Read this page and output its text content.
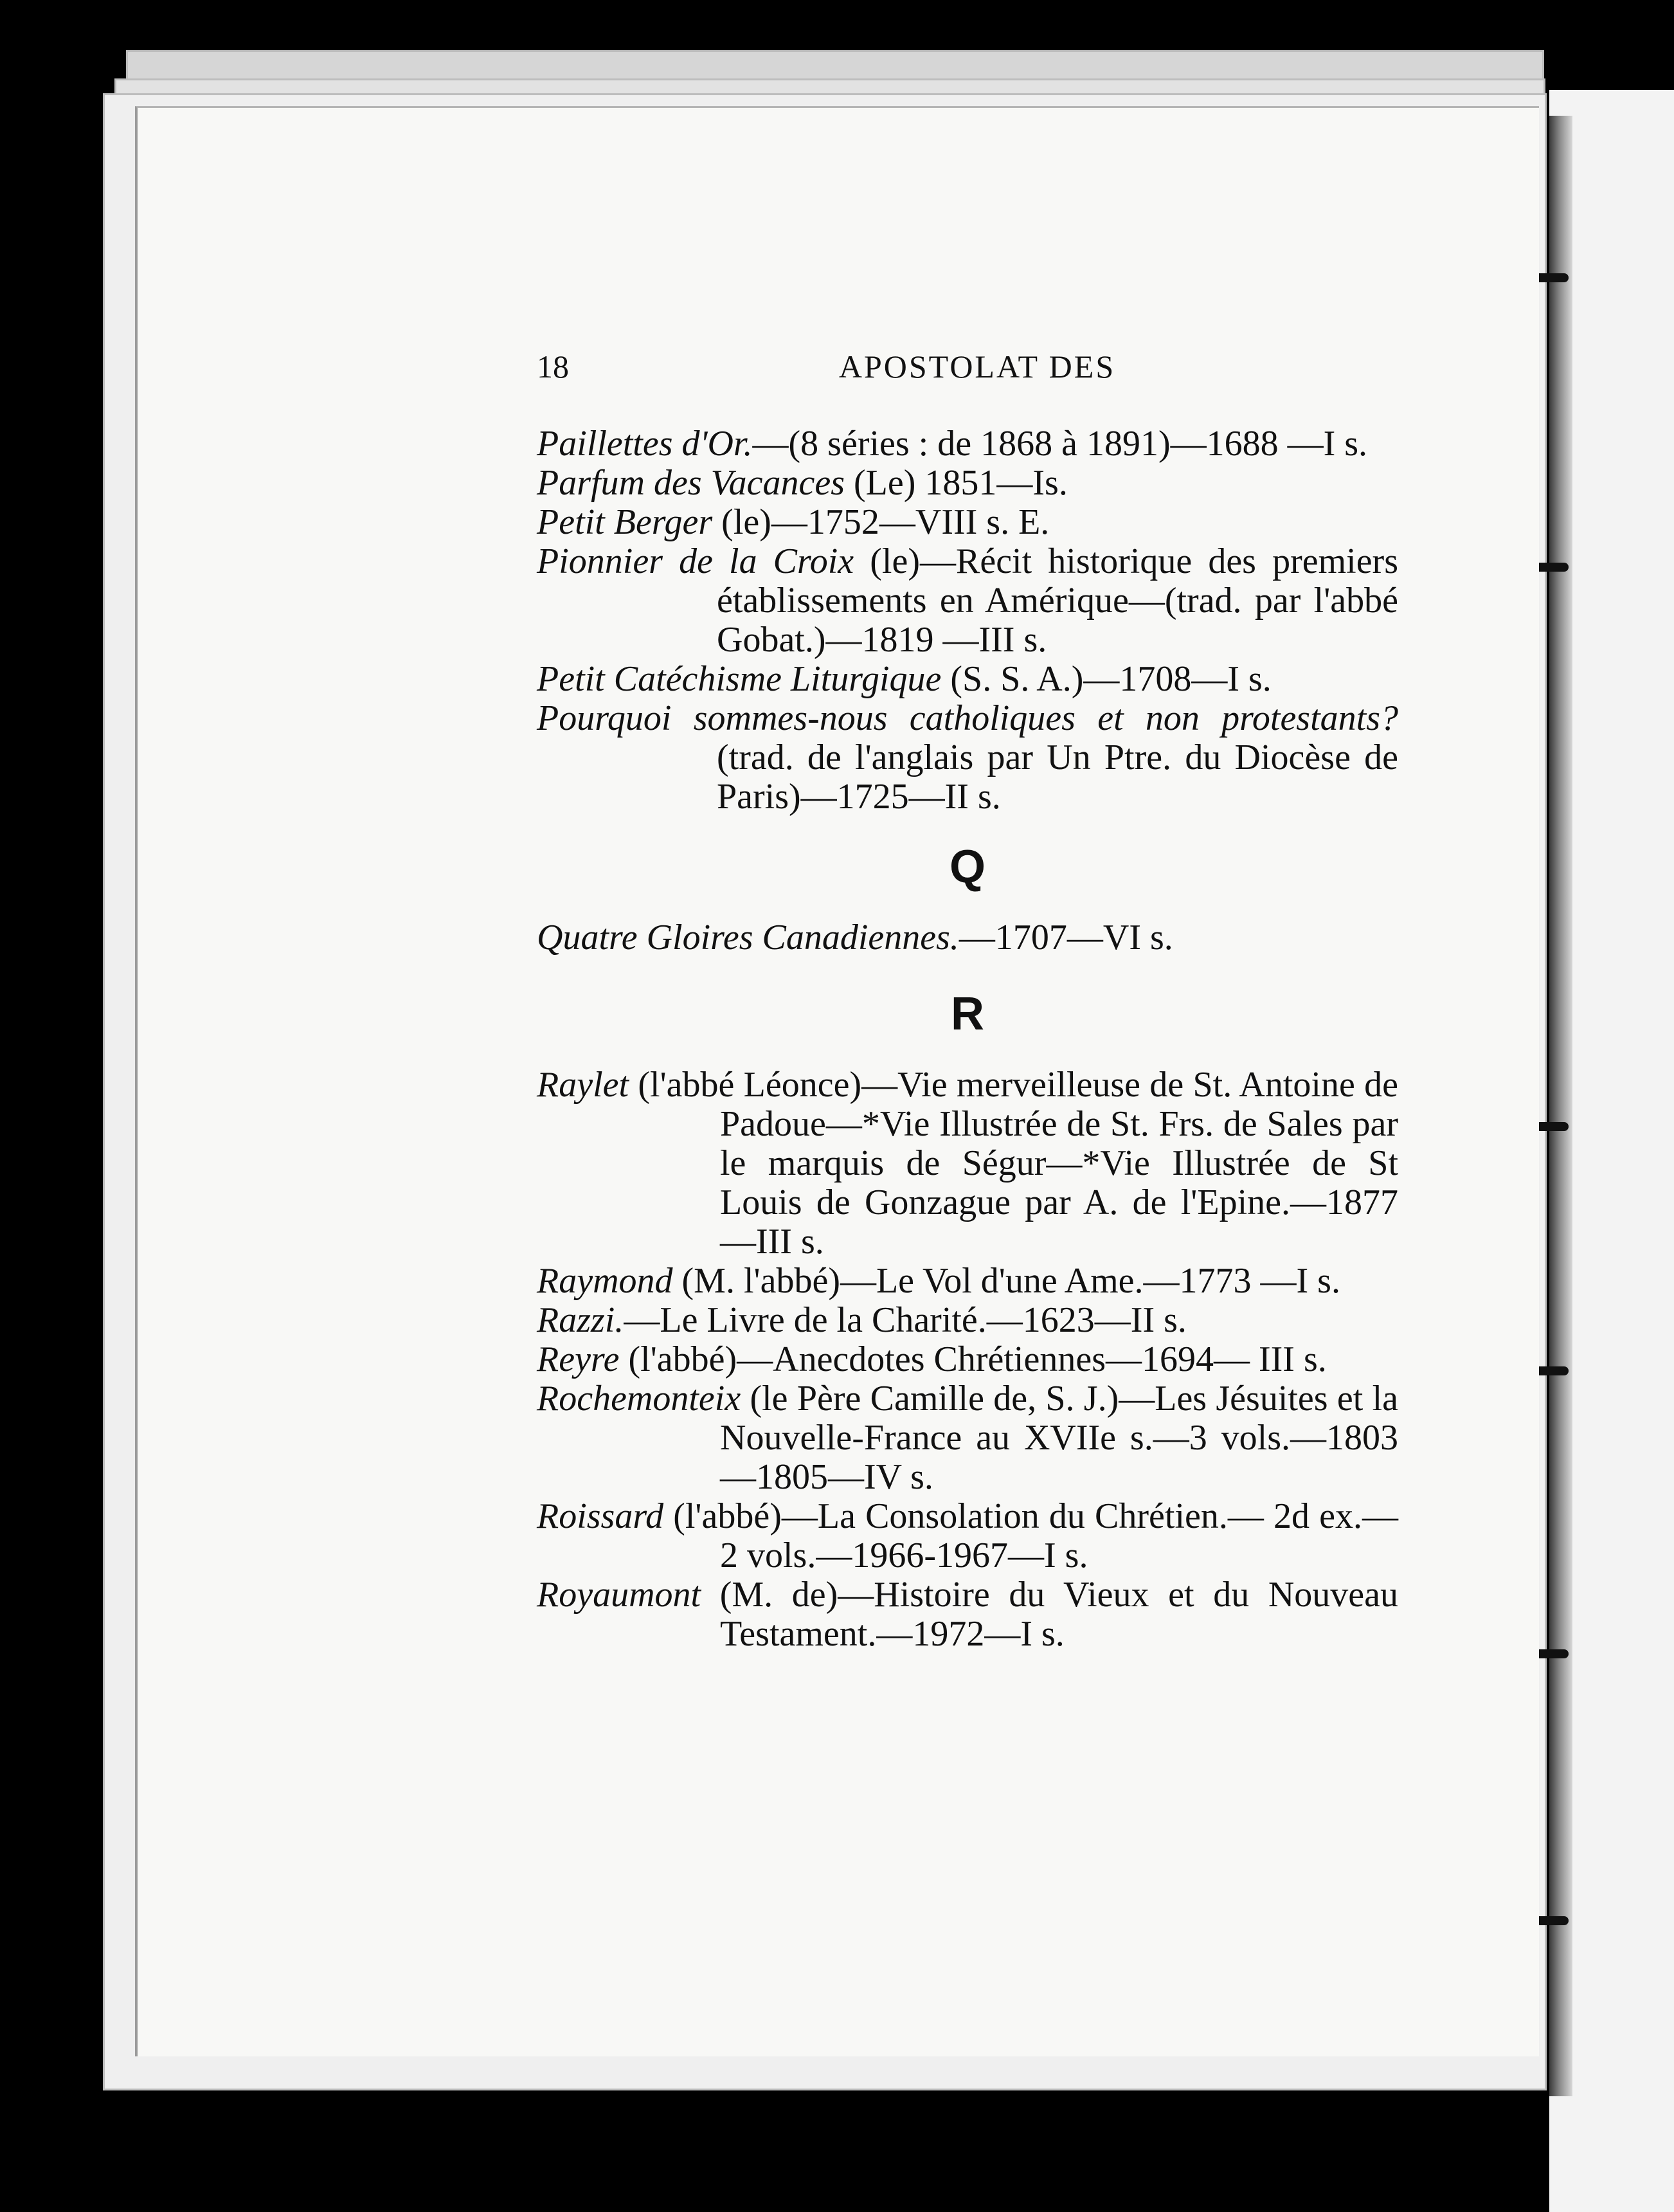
18	APOSTOLAT DES

Paillettes d'Or.—(8 séries : de 1868 à 1891)—1688 —I s.

Parfum des Vacances (Le) 1851—Is.

Petit Berger (le)—1752—VIII s. E.

Pionnier de la Croix (le)—Récit historique des premiers établissements en Amérique—(trad. par l'abbé Gobat.)—1819 —III s.

Petit Catéchisme Liturgique (S. S. A.)—1708—I s.

Pourquoi sommes-nous catholiques et non protestants? (trad. de l'anglais par Un Ptre. du Diocèse de Paris)—1725—II s.

Q

Quatre Gloires Canadiennes.—1707—VI s.

R

Raylet (l'abbé Léonce)—Vie merveilleuse de St. Antoine de Padoue—*Vie Illustrée de St. Frs. de Sales par le marquis de Ségur—*Vie Illustrée de St Louis de Gonzague par A. de l'Epine.—1877—III s.

Raymond (M. l'abbé)—Le Vol d'une Ame.—1773 —I s.

Razzi.—Le Livre de la Charité.—1623—II s.

Reyre (l'abbé)—Anecdotes Chrétiennes—1694— III s.

Rochemonteix (le Père Camille de, S. J.)—Les Jésuites et la Nouvelle-France au XVIIe s.—3 vols.—1803—1805—IV s.

Roissard (l'abbé)—La Consolation du Chrétien.— 2d ex.—2 vols.—1966-1967—I s.

Royaumont (M. de)—Histoire du Vieux et du Nouveau Testament.—1972—I s.
